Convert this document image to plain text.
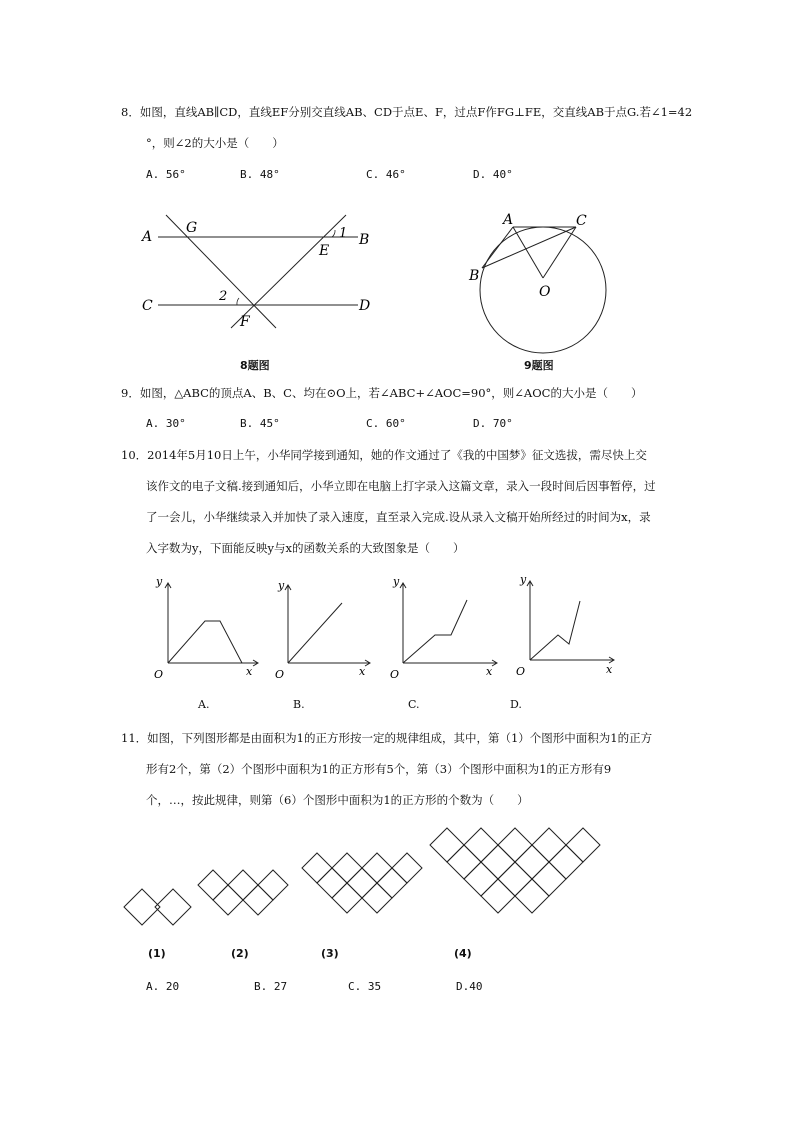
8．如图，直线AB∥CD，直线EF分别交直线AB、CD于点E、F，过点F作FG⊥FE，交直线AB于点G.若∠1=42
°，则∠2的大小是（　　）
A. 56°	B. 48°	C. 46°	D. 40°
A
G	1 B
E
C
2
D
F
A	C
B
O
8题图	9题图
9．如图，△ABC的顶点A、B、C、均在⊙O上，若∠ABC+∠AOC=90°，则∠AOC的大小是（　　）
A. 30°	B. 45°	C. 60°	D. 70°
10．2014年5月10日上午，小华同学接到通知，她的作文通过了《我的中国梦》征文选拔，需尽快上交
该作文的电子文稿.接到通知后，小华立即在电脑上打字录入这篇文章，录入一段时间后因事暂停，过
了一会儿，小华继续录入并加快了录入速度，直至录入完成.设从录入文稿开始所经过的时间为x，录
入字数为y，下面能反映y与x的函数关系的大致图象是（　　）
y
x
O
y
x
O
y
x
O
y
x
O
A.	B.	C.	D.
11．如图，下列图形都是由面积为1的正方形按一定的规律组成，其中，第（1）个图形中面积为1的正方
形有2个，第（2）个图形中面积为1的正方形有5个，第（3）个图形中面积为1的正方形有9
个，…，按此规律，则第（6）个图形中面积为1的正方形的个数为（　　）
(1)	(2)	(3)	(4)
A. 20	B. 27	C. 35	D.40
